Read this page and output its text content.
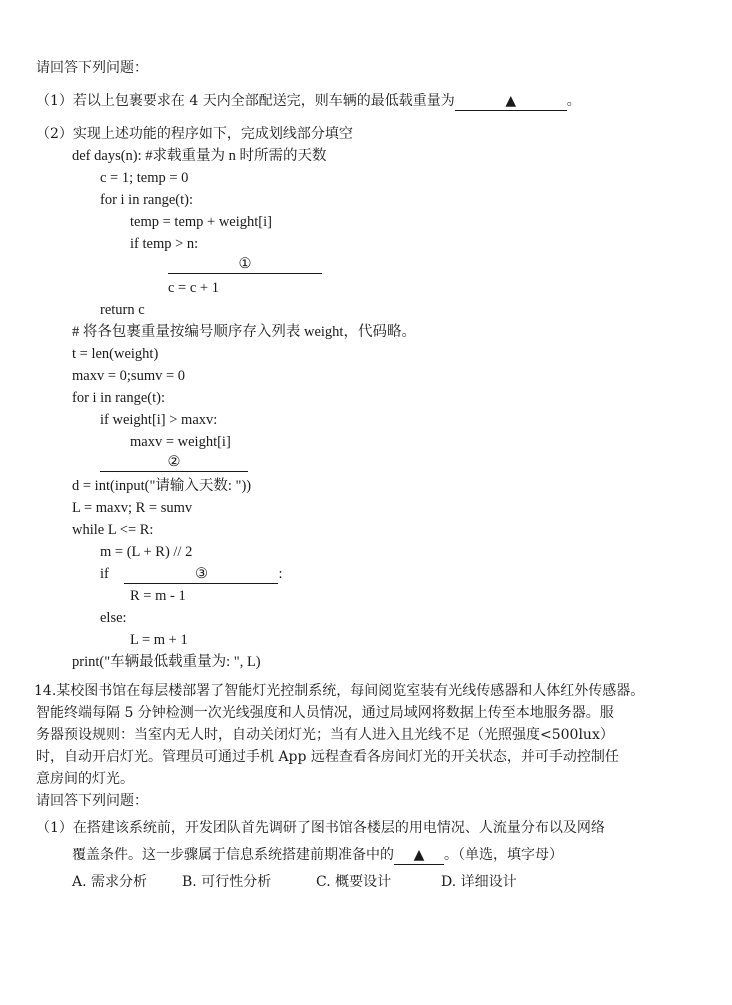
请回答下列问题：
（1）若以上包裹要求在 4 天内全部配送完，则车辆的最低载重量为	▲	。
（2）实现上述功能的程序如下，完成划线部分填空
def days(n): #求载重量为 n 时所需的天数
c = 1; temp = 0
for i in range(t):
temp = temp + weight[i]
if temp > n:
①
c = c + 1
return c
# 将各包裹重量按编号顺序存入列表 weight，代码略。
t = len(weight)
maxv = 0;sumv = 0
for i in range(t):
if weight[i] > maxv:
maxv = weight[i]
②
d = int(input("请输入天数: "))
L = maxv; R = sumv
while L <= R:
m = (L + R) // 2
if	③	:
R = m - 1
else:
L = m + 1
print("车辆最低载重量为: ", L)
14.某校图书馆在每层楼部署了智能灯光控制系统，每间阅览室装有光线传感器和人体红外传感器。
智能终端每隔 5 分钟检测一次光线强度和人员情况，通过局域网将数据上传至本地服务器。服
务器预设规则：当室内无人时，自动关闭灯光；当有人进入且光线不足（光照强度<500lux）
时，自动开启灯光。管理员可通过手机 App 远程查看各房间灯光的开关状态，并可手动控制任
意房间的灯光。
请回答下列问题：
（1）在搭建该系统前，开发团队首先调研了图书馆各楼层的用电情况、人流量分布以及网络
覆盖条件。这一步骤属于信息系统搭建前期准备中的 ▲ 。（单选，填字母）
A. 需求分析 B. 可行性分析	C. 概要设计	D. 详细设计
